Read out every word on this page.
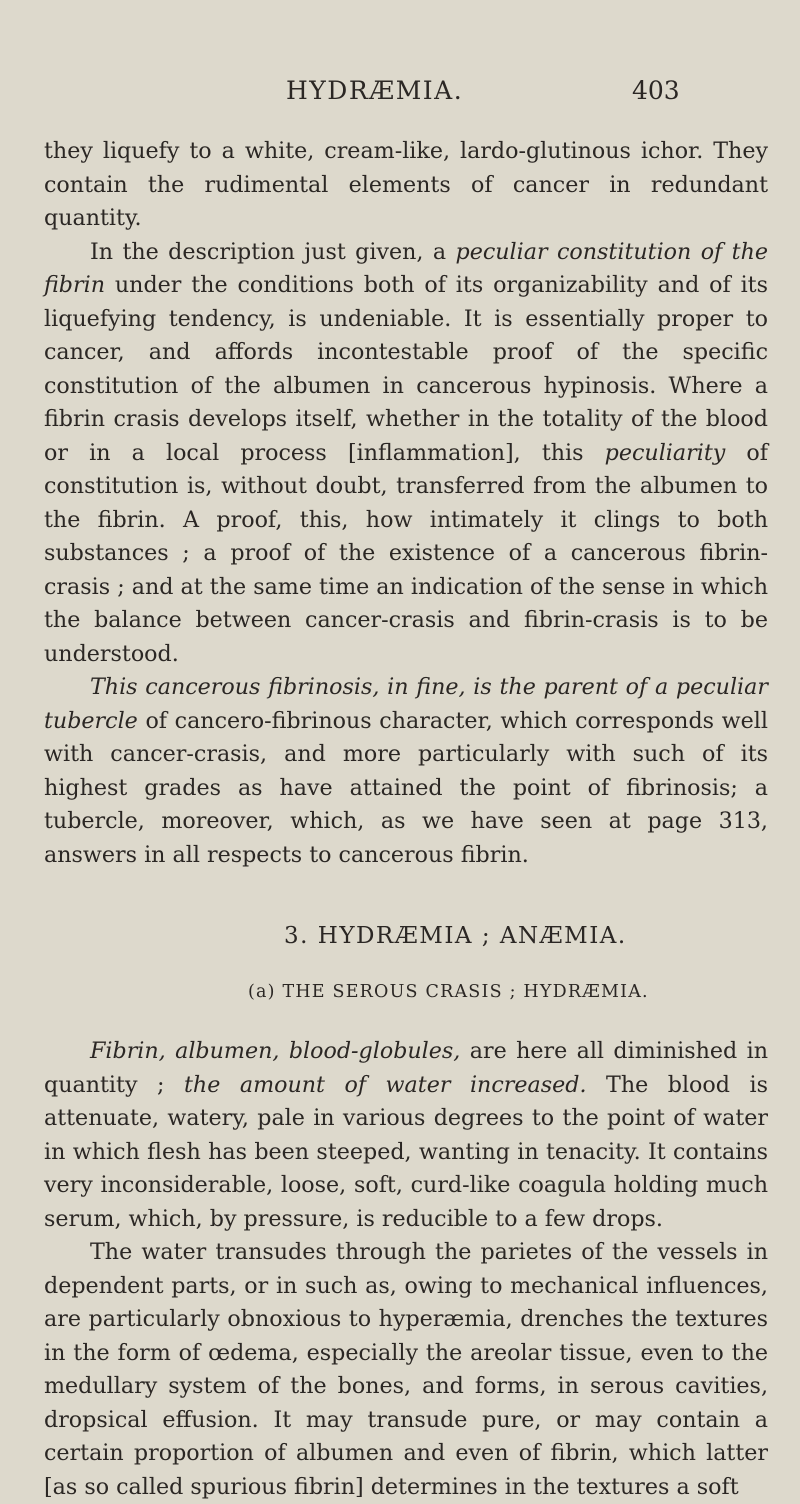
HYDRÆMIA.	403

they liquefy to a white, cream-like, lardo-glutinous ichor. They contain the rudimental elements of cancer in redundant quantity.

In the description just given, a peculiar constitution of the fibrin under the conditions both of its organizability and of its liquefying tendency, is undeniable. It is essentially proper to cancer, and affords incontestable proof of the specific constitution of the albumen in cancerous hypinosis. Where a fibrin crasis develops itself, whether in the totality of the blood or in a local process [inflammation], this peculiarity of constitution is, without doubt, transferred from the albumen to the fibrin. A proof, this, how intimately it clings to both substances ; a proof of the existence of a cancerous fibrin-crasis ; and at the same time an indication of the sense in which the balance between cancer-crasis and fibrin-crasis is to be understood.

This cancerous fibrinosis, in fine, is the parent of a peculiar tubercle of cancero-fibrinous character, which corresponds well with cancer-crasis, and more particularly with such of its highest grades as have attained the point of fibrinosis; a tubercle, moreover, which, as we have seen at page 313, answers in all respects to cancerous fibrin.

3. HYDRÆMIA ; ANÆMIA.
(a) THE SEROUS CRASIS ; HYDRÆMIA.

Fibrin, albumen, blood-globules, are here all diminished in quantity ; the amount of water increased. The blood is attenuate, watery, pale in various degrees to the point of water in which flesh has been steeped, wanting in tenacity. It contains very inconsiderable, loose, soft, curd-like coagula holding much serum, which, by pressure, is reducible to a few drops.

The water transudes through the parietes of the vessels in dependent parts, or in such as, owing to mechanical influences, are particularly obnoxious to hyperæmia, drenches the textures in the form of œdema, especially the areolar tissue, even to the medullary system of the bones, and forms, in serous cavities, dropsical effusion. It may transude pure, or may contain a certain proportion of albumen and even of fibrin, which latter [as so called spurious fibrin] determines in the textures a soft
